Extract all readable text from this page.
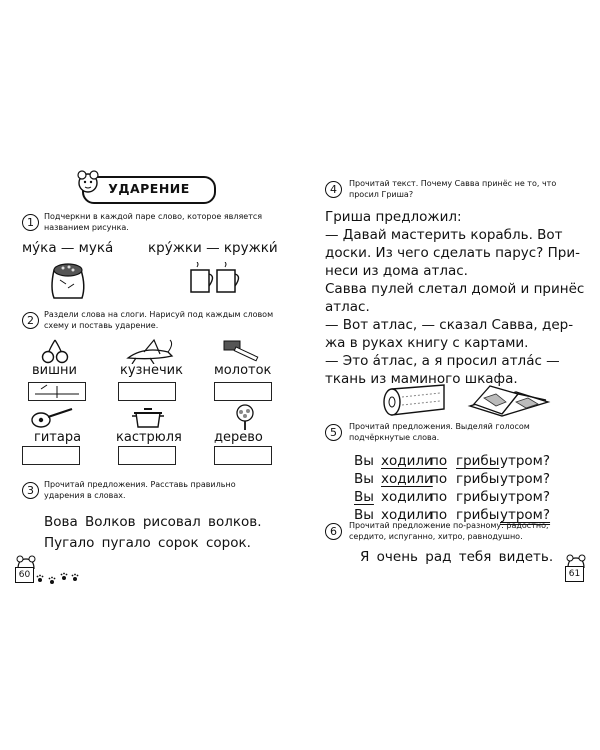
УДАРЕНИЕ
1	Подчеркни в каждой паре слово, которое является названием рисунка.
му́ка — мука́	кру́жки — кружки́
2	Раздели слова на слоги. Нарисуй под каждым словом схему и поставь ударение.
вишни	кузнечик молоток
гитара	кастрюля дерево
3	Прочитай предложения. Расставь правильно ударения в словах.
Вова Волков рисовал волков.
Пугало пугало сорок сорок.
60
4	Прочитай текст. Почему Савва принёс не то, что просил Гриша?
Гриша предложил:
— Давай мастерить корабль. Вот
доски. Из чего сделать парус? При-
неси из дома атлас.
Савва пулей слетал домой и принёс
атлас.
— Вот атлас, — сказал Савва, дер-
жа в руках книгу с картами.
— Это а́тлас, а я просил атла́с —
ткань из маминого шкафа.
5	Прочитай предложения. Выделяй голосом подчёркнутые слова.
Вы ходили
по грибы утром?
Вы ходили
по грибы утром?
Вы ходили
по грибы утром?
Вы ходили
по грибы утром?
6	Прочитай предложение по-разному: радостно, сердито, испуганно, хитро, равнодушно.
Я очень рад тебя видеть.
61
